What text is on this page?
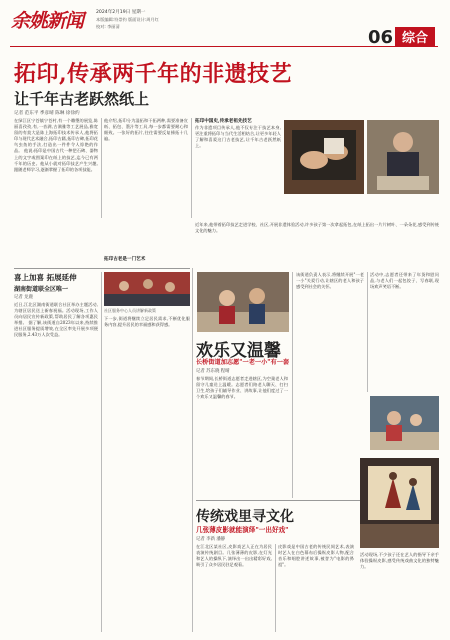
余姚新闻	2024年2月19日 星期一
本版编辑:符崇钧 版面设计:周月红
校对: 李丽清
06 综合
拓印,传承两千年的非遗技艺
让千年古老跃然纸上
记者 范东平 季彦晴 陈琳 徐徐约
在绿江区宁苍镇宁苍村,有一个雕塑的展览,陈丽喜孜孜,有,一音满,古满雅等工艺展品,雅宽留的有莫大是陈上海拓印技术传承人,他将拓印与现代艺术融合,拓印古籍,拓印古碑,拓印花鸟虫鱼的手法,打造出一件件令人惊艳的作品。 他说:拓印是中国古代一种把石碑、器物上的文字或图案印在纸上的技艺,迄今已有两千年的历史。他从小就对拓印技艺产生兴趣,跟随老师学习,逐渐掌握了拓印的各项技能。
他介绍,拓印分为湿拓和干拓两种,需要准备宣纸、拓包、墨汁等工具,每一步都需要耐心和细致。一张好的拓片,往往需要反复捶拓十几遍。
拓印中国史,传承老祖先技艺
作为非遗项目传承人,他不仅专注于技艺本身,更注重将拓印与当代生活相结合,让更多年轻人了解和喜爱这门古老技艺,让千年古老跃然纸上。
近年来,他带着拓印技艺走进学校、社区,开展非遗体验活动,许多孩子第一次拿起拓包,在纸上拓出一片片树叶、一朵朵花,感受到传统文化的魅力。
喜上加喜 拓展延伸
湖南街道联全区唯一
记者 龙鹿
近日,江北区湖南街道联合社区举办主题活动,为辖区居民送上新春祝福。活动现场,工作人员向居民宣传新政策,帮助居民了解各项惠民举措。 据了解,该街道自2023年以来,持续推进社区服务提质增效,在全区率先开展多项便民服务,2.43万人次受益。
社区服务中心人员讲解新政策
下一步,街道将继续立足居民需求,不断优化服务内容,提升居民的幸福感和获得感。
欢乐又温馨
长桥街道加志愿"一老一小"有一套
记者 苏东晓 程晴
春节期间,长桥街道志愿者走进辖区,为空巢老人和留守儿童送上温暖。志愿者们陪老人聊天、打扫卫生,给孩子们辅导作业、讲故事,让他们度过了一个欢乐又温馨的春节。
该街道负责人表示,将继续开展"一老一小"关爱行动,让辖区的老人和孩子感受到社会的关怀。
活动中,志愿者还带来了年货和慰问品,与老人们一起包饺子、写春联,现场欢声笑语不断。
传统戏里寻文化
几张薄皮影就能演绎"一出好戏"
记者 李新 潘静
在江北区某社区,皮影戏艺人正在为居民表演传统剧目。几张薄薄的皮影,在灯光和艺人的操纵下,演绎出一出出精彩好戏,吸引了众多居民驻足观看。
皮影戏是中国古老的传统民间艺术,表演时艺人在白色幕布后操纵皮影人物,配合音乐和唱腔讲述故事,被誉为"电影的鼻祖"。
活动现场,不少孩子还在艺人的指导下亲手体验操纵皮影,感受传统戏曲文化的独特魅力。
拓印古老是一门艺术
